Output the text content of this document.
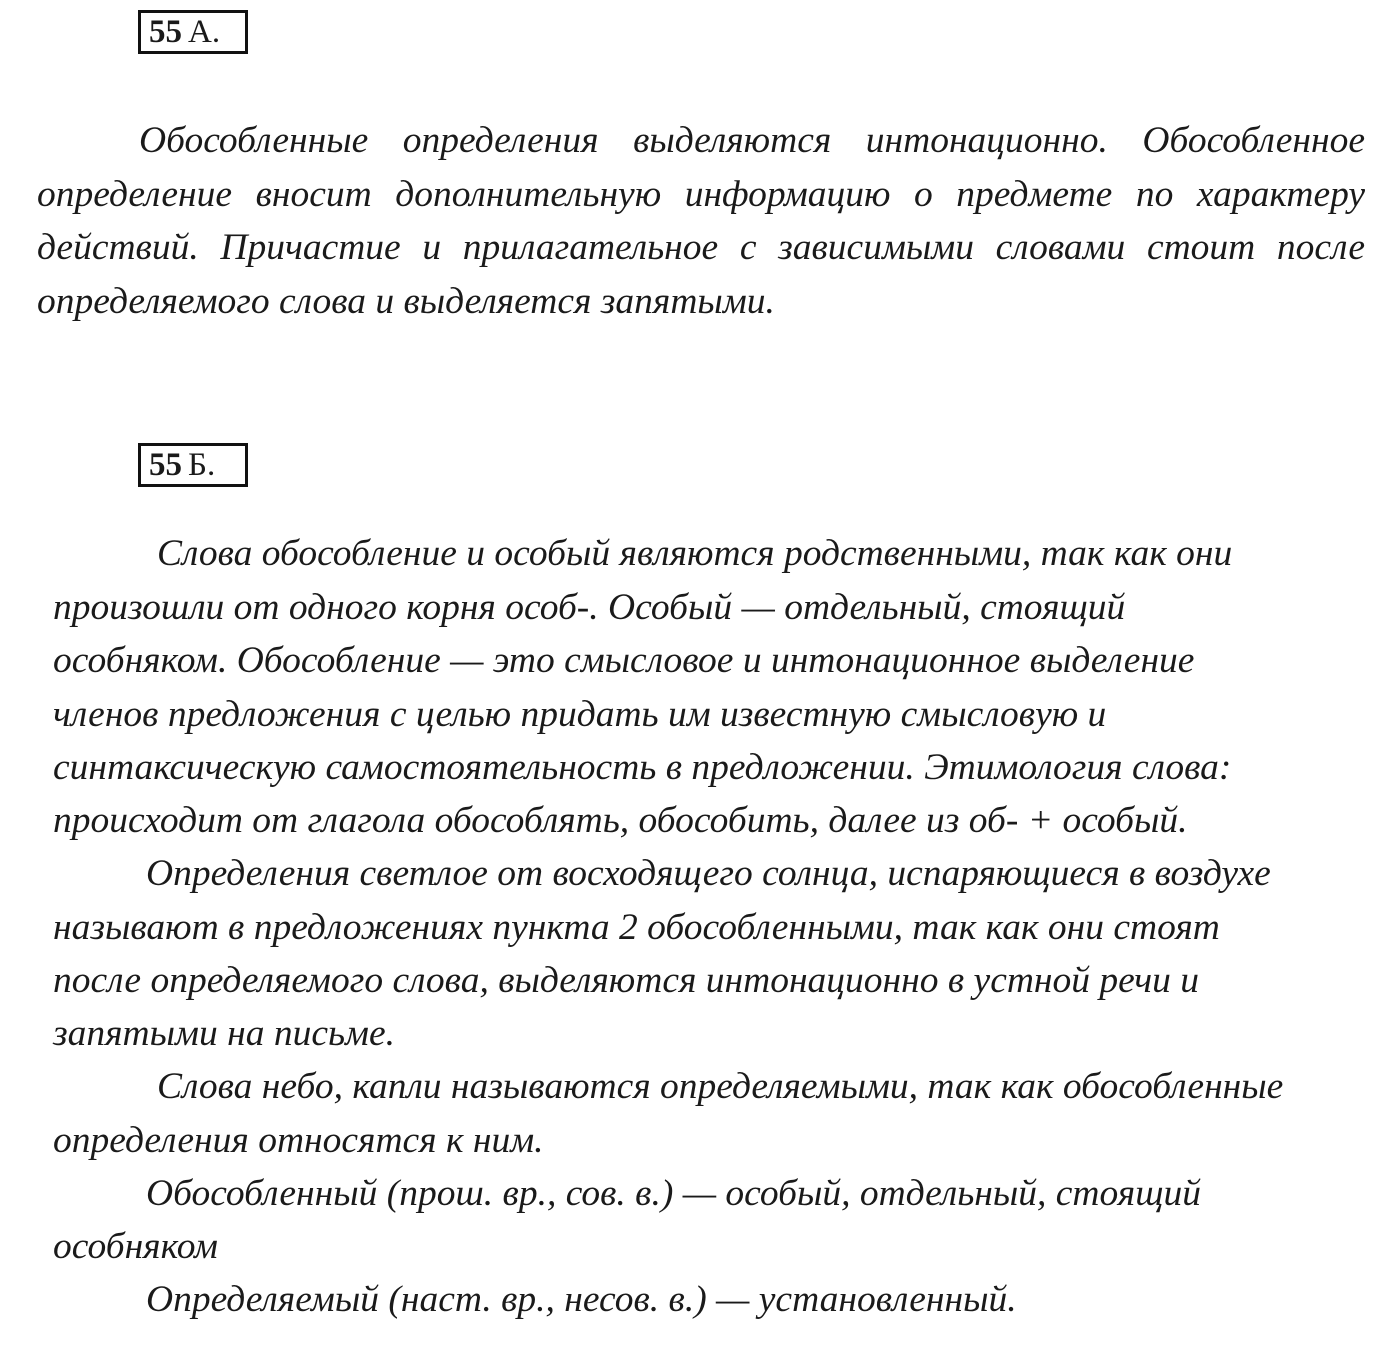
55 А.

Обособленные определения выделяются интонационно. Обособленное определение вносит дополнительную информацию о предмете по характеру действий. Причастие и прилагательное с зависимыми словами стоит после определяемого слова и выделяется запятыми.

55 Б.
Слова обособление и особый являются родственными, так как они
произошли от одного корня особ-. Особый — отдельный, стоящий
особняком. Обособление — это смысловое и интонационное выделение
членов предложения с целью придать им известную смысловую и
синтаксическую самостоятельность в предложении. Этимология слова:
происходит от глагола обособлять, обособить, далее из об- + особый.
Определения светлое от восходящего солнца, испаряющиеся в воздухе
называют в предложениях пункта 2 обособленными, так как они стоят
после определяемого слова, выделяются интонационно в устной речи и
запятыми на письме.
Слова небо, капли называются определяемыми, так как обособленные
определения относятся к ним.
Обособленный (прош. вр., сов. в.) — особый, отдельный, стоящий
особняком
Определяемый (наст. вр., несов. в.) — установленный.
